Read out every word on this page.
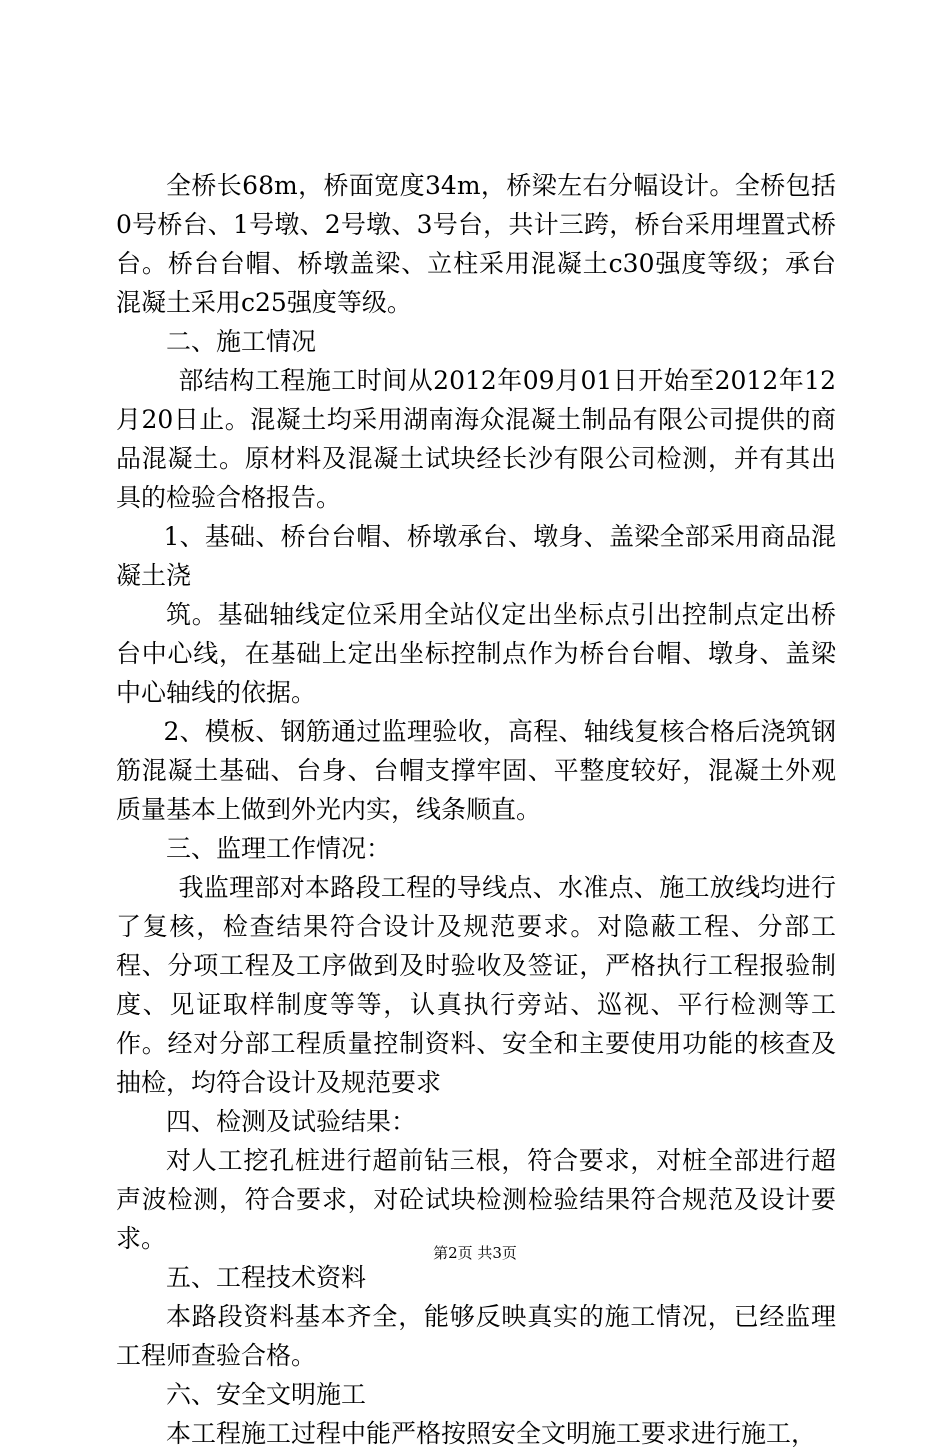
全桥长68m，桥面宽度34m，桥梁左右分幅设计。全桥包括0号桥台、1号墩、2号墩、3号台，共计三跨，桥台采用埋置式桥台。桥台台帽、桥墩盖梁、立柱采用混凝土c30强度等级；承台混凝土采用c25强度等级。

二、施工情况

部结构工程施工时间从2012年09月01日开始至2012年12月20日止。混凝土均采用湖南海众混凝土制品有限公司提供的商品混凝土。原材料及混凝土试块经长沙有限公司检测，并有其出具的检验合格报告。

1、基础、桥台台帽、桥墩承台、墩身、盖梁全部采用商品混凝土浇

筑。基础轴线定位采用全站仪定出坐标点引出控制点定出桥台中心线，在基础上定出坐标控制点作为桥台台帽、墩身、盖梁中心轴线的依据。

2、模板、钢筋通过监理验收，高程、轴线复核合格后浇筑钢筋混凝土基础、台身、台帽支撑牢固、平整度较好，混凝土外观质量基本上做到外光内实，线条顺直。

三、监理工作情况：

我监理部对本路段工程的导线点、水准点、施工放线均进行了复核，检查结果符合设计及规范要求。对隐蔽工程、分部工程、分项工程及工序做到及时验收及签证，严格执行工程报验制度、见证取样制度等等，认真执行旁站、巡视、平行检测等工作。经对分部工程质量控制资料、安全和主要使用功能的核查及抽检，均符合设计及规范要求

四、检测及试验结果：

对人工挖孔桩进行超前钻三根，符合要求，对桩全部进行超声波检测，符合要求，对砼试块检测检验结果符合规范及设计要求。

五、工程技术资料

本路段资料基本齐全，能够反映真实的施工情况，已经监理工程师查验合格。

六、安全文明施工

本工程施工过程中能严格按照安全文明施工要求进行施工，

第2页 共3页
